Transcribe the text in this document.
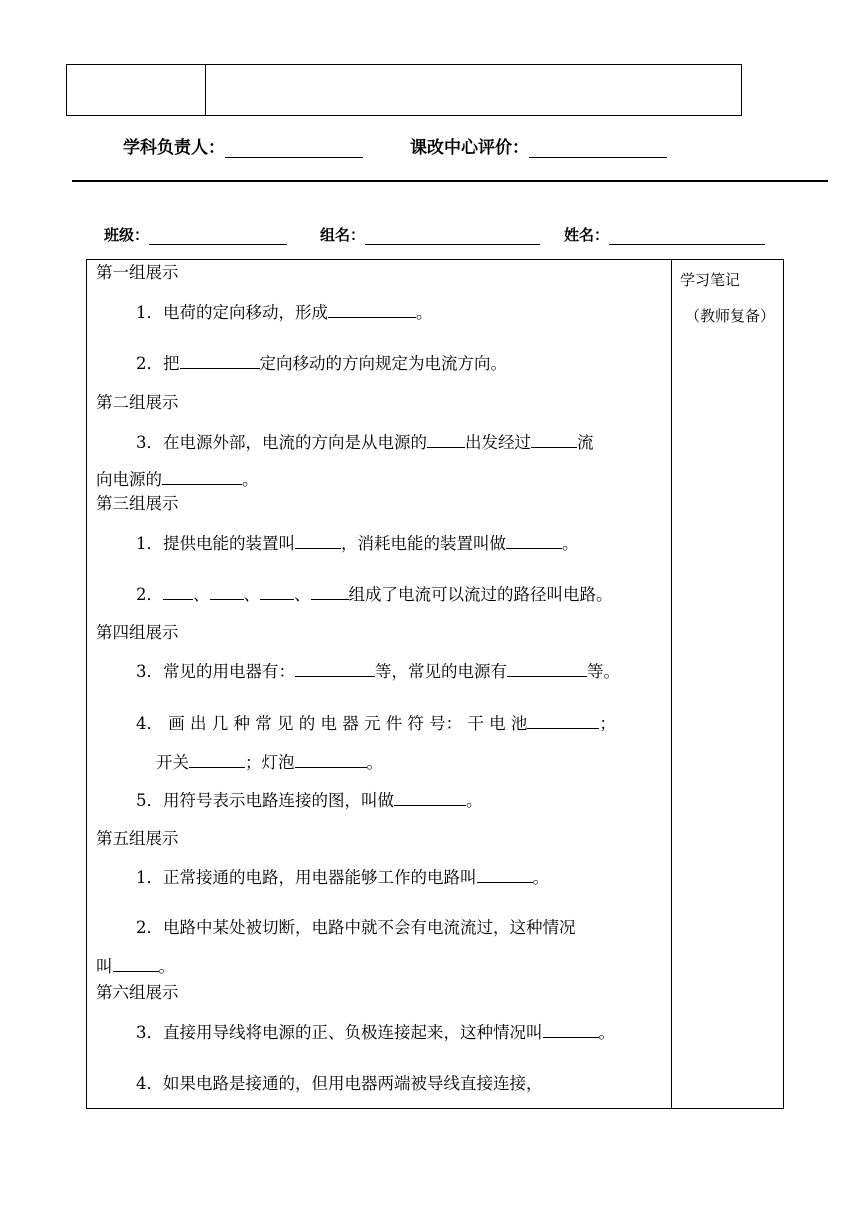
学科负责人：	课改中心评价：
班级：	组名：	姓名：
学习笔记
（教师复备）
第一组展示
1．电荷的定向移动，形成	。
2．把	定向移动的方向规定为电流方向。
第二组展示
3．在电源外部，电流的方向是从电源的 出发经过	流
向电源的	。
第三组展示
1．提供电能的装置叫	，消耗电能的装置叫做	。
2． 、 、 、 组成了电流可以流过的路径叫电路。
第四组展示
3．常见的用电器有：	等，常见的电源有	等。
4． 画 出 几 种 常 见 的 电 器 元 件 符 号： 干 电 池	；
开关	；灯泡	。
5．用符号表示电路连接的图，叫做	。
第五组展示
1．正常接通的电路，用电器能够工作的电路叫	。
2．电路中某处被切断，电路中就不会有电流流过，这种情况
叫	。
第六组展示
3．直接用导线将电源的正、负极连接起来，这种情况叫	。
4．如果电路是接通的，但用电器两端被导线直接连接，
